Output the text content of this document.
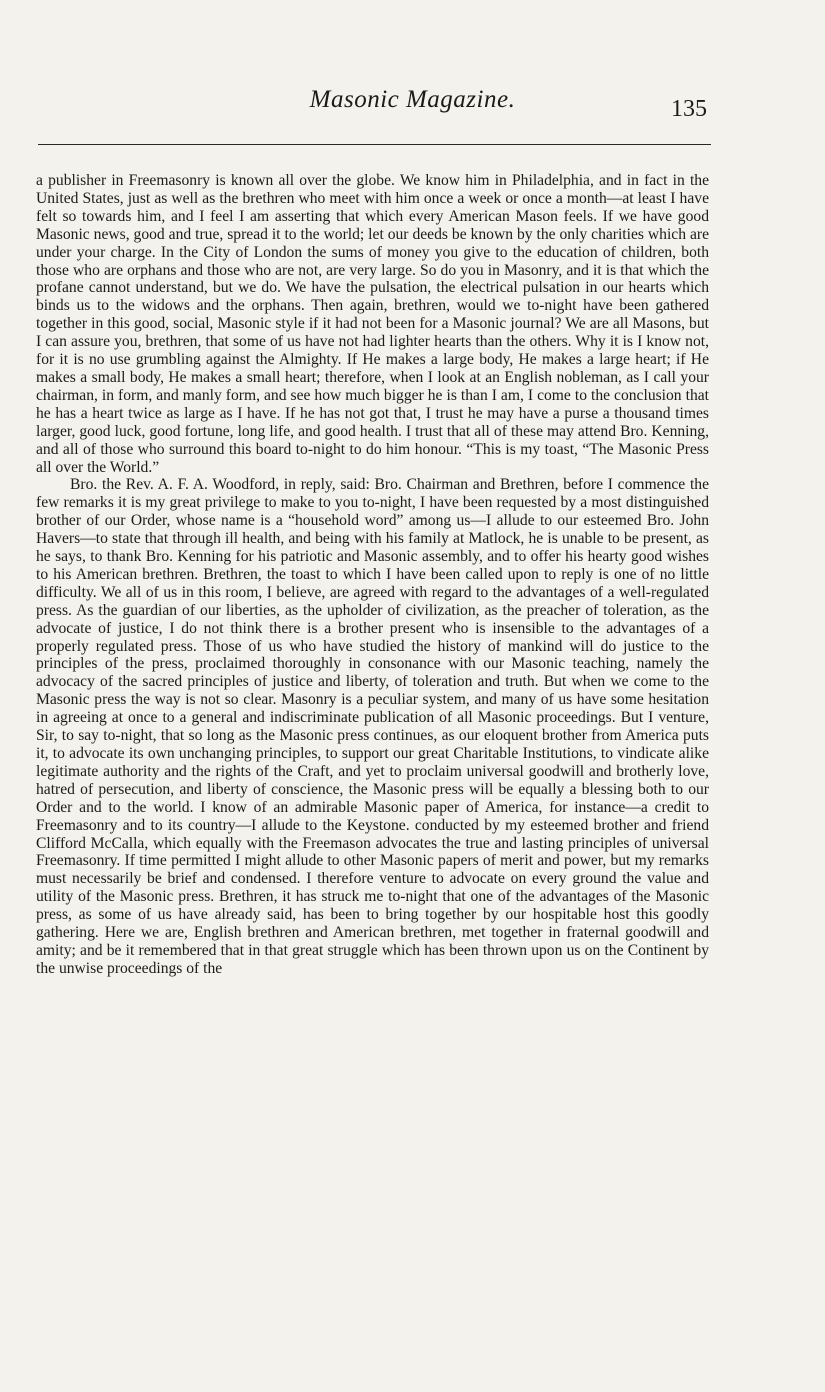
Masonic Magazine.	135

a publisher in Freemasonry is known all over the globe. We know him in Philadelphia, and in fact in the United States, just as well as the brethren who meet with him once a week or once a month—at least I have felt so towards him, and I feel I am asserting that which every American Mason feels. If we have good Masonic news, good and true, spread it to the world; let our deeds be known by the only charities which are under your charge. In the City of London the sums of money you give to the education of children, both those who are orphans and those who are not, are very large. So do you in Masonry, and it is that which the profane cannot understand, but we do. We have the pulsation, the electrical pulsation in our hearts which binds us to the widows and the orphans. Then again, brethren, would we to-night have been gathered together in this good, social, Masonic style if it had not been for a Masonic journal? We are all Masons, but I can assure you, brethren, that some of us have not had lighter hearts than the others. Why it is I know not, for it is no use grumbling against the Almighty. If He makes a large body, He makes a large heart; if He makes a small body, He makes a small heart; therefore, when I look at an English nobleman, as I call your chairman, in form, and manly form, and see how much bigger he is than I am, I come to the conclusion that he has a heart twice as large as I have. If he has not got that, I trust he may have a purse a thousand times larger, good luck, good fortune, long life, and good health. I trust that all of these may attend Bro. Kenning, and all of those who surround this board to-night to do him honour. “This is my toast, “The Masonic Press all over the World.”

Bro. the Rev. A. F. A. Woodford, in reply, said: Bro. Chairman and Brethren, before I commence the few remarks it is my great privilege to make to you to-night, I have been requested by a most distinguished brother of our Order, whose name is a “household word” among us—I allude to our esteemed Bro. John Havers—to state that through ill health, and being with his family at Matlock, he is unable to be present, as he says, to thank Bro. Kenning for his patriotic and Masonic assembly, and to offer his hearty good wishes to his American brethren. Brethren, the toast to which I have been called upon to reply is one of no little difficulty. We all of us in this room, I believe, are agreed with regard to the advantages of a well-regulated press. As the guardian of our liberties, as the upholder of civilization, as the preacher of toleration, as the advocate of justice, I do not think there is a brother present who is insensible to the advantages of a properly regulated press. Those of us who have studied the history of mankind will do justice to the principles of the press, proclaimed thoroughly in consonance with our Masonic teaching, namely the advocacy of the sacred principles of justice and liberty, of toleration and truth. But when we come to the Masonic press the way is not so clear. Masonry is a peculiar system, and many of us have some hesitation in agreeing at once to a general and indiscriminate publication of all Masonic proceedings. But I venture, Sir, to say to-night, that so long as the Masonic press continues, as our eloquent brother from America puts it, to advocate its own unchanging principles, to support our great Charitable Institutions, to vindicate alike legitimate authority and the rights of the Craft, and yet to proclaim universal goodwill and brotherly love, hatred of persecution, and liberty of conscience, the Masonic press will be equally a blessing both to our Order and to the world. I know of an admirable Masonic paper of America, for instance—a credit to Freemasonry and to its country—I allude to the Keystone. conducted by my esteemed brother and friend Clifford McCalla, which equally with the Freemason advocates the true and lasting principles of universal Freemasonry. If time permitted I might allude to other Masonic papers of merit and power, but my remarks must necessarily be brief and condensed. I therefore venture to advocate on every ground the value and utility of the Masonic press. Brethren, it has struck me to-night that one of the advantages of the Masonic press, as some of us have already said, has been to bring together by our hospitable host this goodly gathering. Here we are, English brethren and American brethren, met together in fraternal goodwill and amity; and be it remembered that in that great struggle which has been thrown upon us on the Continent by the unwise proceedings of the
